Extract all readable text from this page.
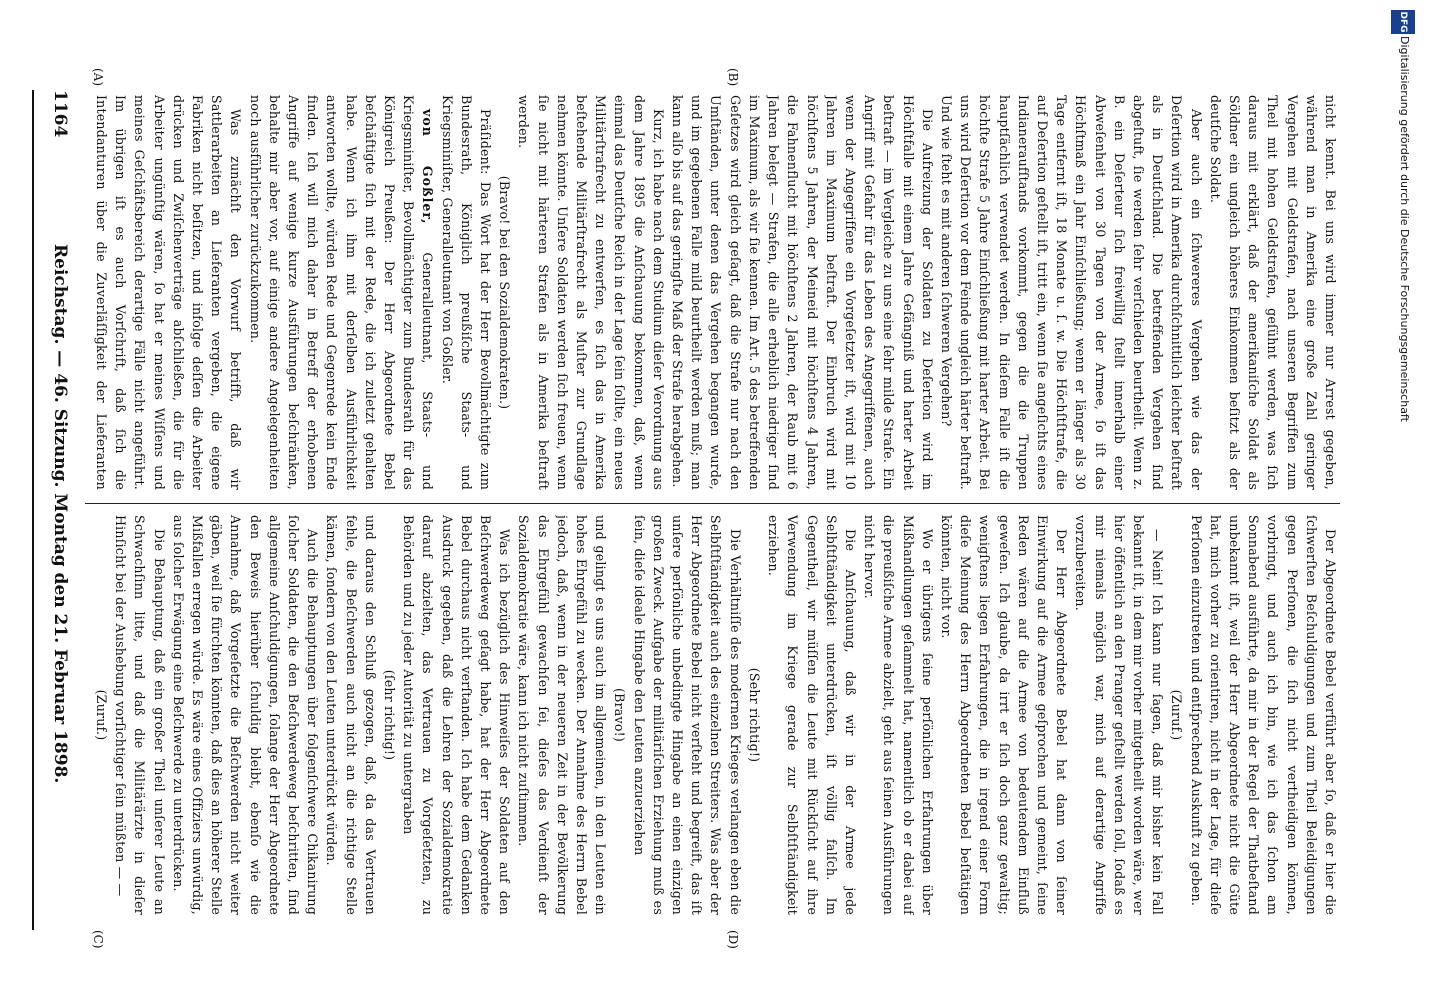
1164
Reichstag. — 46. Sitzung. Montag den 21. Februar 1898.
(A)	(B)
(C)	(D)

nicht kennt. Bei uns wird immer nur Arrest gegeben, während man in Amerika eine große Zahl geringer Vergehen mit Geldstrafen, nach unseren Begriffen zum Theil mit hohen Geldstrafen, geſühnt werden, was ſich daraus mit erklärt, daß der amerikaniſche Soldat als Söldner ein ungleich höheres Einkommen beſitzt als der deutſche Soldat.

Aber auch ein ſchwereres Vergehen wie das der Deſertion wird in Amerika durchſchnittlich leichter beſtraft als in Deutſchland. Die betreffenden Vergehen ſind abgeſtuft, ſie werden ſehr verſchieden beurtheilt. Wenn z. B. ein Deſerteur ſich freiwillig ſtellt innerhalb einer Abweſenheit von 30 Tagen von der Armee, ſo iſt das Höchſtmaß ein Jahr Einſchließung; wenn er länger als 30 Tage entfernt iſt, 18 Monate u. ſ. w. Die Höchſtſtrafe, die auf Deſertion geſtellt iſt, tritt ein, wenn ſie angeſichts eines Indianeraufſtands vorkommt, gegen die die Truppen hauptſächlich verwendet werden. In dieſem Falle iſt die höchſte Strafe 5 Jahre Einſchließung mit harter Arbeit. Bei uns wird Deſertion vor dem Feinde ungleich härter beſtraft. Und wie ſteht es mit anderen ſchweren Vergehen?

Die Aufreizung der Soldaten zu Deſertion wird im Höchſtfalle mit einem Jahre Gefängniß und harter Arbeit beſtraft — im Vergleiche zu uns eine ſehr milde Strafe. Ein Angriff mit Gefahr für das Leben des Angegriffenen, auch wenn der Angegriffene ein Vorgeſetzter iſt, wird mit 10 Jahren im Maximum beſtraft. Der Einbruch wird mit höchſtens 5 Jahren, der Meineid mit höchſtens 4 Jahren, die Fahnenflucht mit höchſtens 2 Jahren, der Raub mit 6 Jahren belegt — Strafen, die alle erheblich niedriger ſind im Maximum, als wir ſie kennen. Im Art. 5 des betreffenden Geſetzes wird gleich geſagt, daß die Strafe nur nach den Umſtänden, unter denen das Vergehen begangen wurde, und im gegebenen Falle mild beurtheilt werden muß; man kann alſo bis auf das geringſte Maß der Strafe herabgehen.

Kurz, ich habe nach dem Studium dieſer Verordnung aus dem Jahre 1895 die Anſchauung bekommen, daß, wenn einmal das Deutſche Reich in der Lage ſein ſollte, ein neues Militärſtrafrecht zu entwerfen, es ſich das in Amerika beſtehende Militärſtrafrecht als Muſter zur Grundlage nehmen könnte. Unſere Soldaten werden ſich freuen, wenn ſie nicht mit härteren Strafen als in Amerika beſtraft werden.

(Bravo! bei den Sozialdemokraten.)

Präſident: Das Wort hat der Herr Bevollmächtigte zum Bundesrath, Königlich preußiſche Staats- und Kriegsminiſter, Generalleutnant von Goßler.

von Goßler, Generalleutnant, Staats- und Kriegsminiſter, Bevollmächtigter zum Bundesrath für das Königreich Preußen: Der Herr Abgeordnete Bebel beſchäftigte ſich mit der Rede, die ich zuletzt gehalten habe. Wenn ich ihm mit derſelben Ausführlichkeit antworten wollte, würden Rede und Gegenrede kein Ende finden. Ich will mich daher in Betreff der erhobenen Angriffe auf wenige kurze Ausführungen beſchränken, behalte mir aber vor, auf einige andere Angelegenheiten noch ausführlicher zurückzukommen.

Was zunächſt den Vorwurf betrifft, daß wir Sattlerarbeiten an Lieferanten vergeben, die eigene Fabriken nicht beſitzen, und infolge deſſen die Arbeiter drücken und Zwiſchenverträge abſchließen, die für die Arbeiter ungünſtig wären, ſo hat er meines Wiſſens und meines Geſchäftsbereich derartige Fälle nicht angeführt. Im übrigen iſt es auch Vorſchrift, daß ſich die Intendanturen über die Zuverläſſigkeit der Lieferanten

Der Abgeordnete Bebel verführt aber ſo, daß er hier die ſchwerſten Beſchuldigungen und zum Theil Beleidigungen gegen Perſonen, die ſich nicht vertheidigen können, vorbringt, und auch ich bin, wie ich das ſchon am Sonnabend ausführte, da mir in der Regel der Thatbeſtand unbekannt iſt, weil der Herr Abgeordnete nicht die Güte hat, mich vorher zu orientiren, nicht in der Lage, für dieſe Perſonen einzutreten und entſprechend Auskunft zu geben.

(Zuruf.)

— Nein! Ich kann nur ſagen, daß mir bisher kein Fall bekannt iſt, in dem mir vorher mitgetheilt worden wäre, wer hier öffentlich an den Pranger geſtellt werden ſoll, ſodaß es mir niemals möglich war, mich auf derartige Angriffe vorzubereiten.

Der Herr Abgeordnete Bebel hat dann von ſeiner Einwirkung auf die Armee geſprochen und gemeint, ſeine Reden wären auf die Armee von bedeutendem Einfluß geweſen. Ich glaube, da irrt er ſich doch ganz gewaltig; wenigſtens liegen Erfahrungen, die in irgend einer Form dieſe Meinung des Herrn Abgeordneten Bebel beſtätigen könnten, nicht vor.

Wo er übrigens ſeine perſönlichen Erfahrungen über Mißhandlungen geſammelt hat, namentlich ob er dabei auf die preußiſche Armee abzielt, geht aus ſeinen Ausführungen nicht hervor.

Die Anſchauung, daß wir in der Armee jede Selbſtſtändigkeit unterdrücken, iſt völlig falſch. Im Gegentheil, wir müſſen die Leute mit Rückſicht auf ihre Verwendung im Kriege gerade zur Selbſtſtändigkeit erziehen.

(Sehr richtig!)

Die Verhältniſſe des modernen Krieges verlangen eben die Selbſtſtändigkeit auch des einzelnen Streiters. Was aber der Herr Abgeordnete Bebel nicht verſteht und begreift, das iſt unſere perſönliche unbedingte Hingabe an einen einzigen großen Zweck. Aufgabe der militäriſchen Erziehung muß es ſein, dieſe ideale Hingabe den Leuten anzuerziehen

(Bravo!)

und gelingt es uns auch im allgemeinen, in den Leuten ein hohes Ehrgefühl zu wecken. Der Annahme des Herrn Bebel jedoch, daß, wenn in der neueren Zeit in der Bevölkerung das Ehrgefühl gewachſen ſei, dieſes das Verdienſt der Sozialdemokratie wäre, kann ich nicht zuſtimmen.

Was ich bezüglich des Hinweiſes der Soldaten auf den Beſchwerdeweg geſagt habe, hat der Herr Abgeordnete Bebel durchaus nicht verſtanden. Ich habe dem Gedanken Ausdruck gegeben, daß die Lehren der Sozialdemokratie darauf abzielten, das Vertrauen zu Vorgeſetzten, zu Behörden und zu jeder Autorität zu untergraben

(ſehr richtig!)

und daraus den Schluß gezogen, daß, da das Vertrauen fehle, die Beſchwerden auch nicht an die richtige Stelle kämen, ſondern von den Leuten unterdrückt würden.

Auch die Behauptungen über folgenſchwere Chikanirung ſolcher Soldaten, die den Beſchwerdeweg beſchritten, ſind allgemeine Anſchuldigungen, ſolange der Herr Abgeordnete den Beweis hierüber ſchuldig bleibt, ebenſo wie die Annahme, daß Vorgeſetzte die Beſchwerden nicht weiter gäben, weil ſie fürchten könnten, daß dies an höherer Stelle Mißfallen erregen würde. Es wäre eines Offiziers unwürdig, aus ſolcher Erwägung eine Beſchwerde zu unterdrücken.

Die Behauptung, daß ein großer Theil unſerer Leute an Schwachſinn litte, und daß die Militärärzte in dieſer Hinſicht bei der Aushebung vorſichtiger ſein müßten — —

(Zuruf.)

DFG
Digitalisierung gefördert durch die Deutsche Forschungsgemeinschaft
